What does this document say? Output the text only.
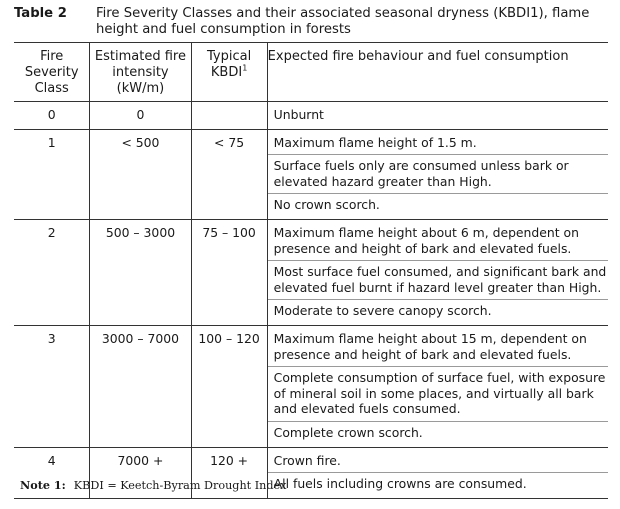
Table 2 Fire Severity Classes and their associated seasonal dryness (KBDI1), flame height and fuel consumption in forests
Fire Severity Class	Estimated fire intensity (kW/m)	Typical KBDI$^1$	Expected fire behaviour and fuel consumption
0	0		Unburnt

1	< 500	< 75	Maximum flame height of 1.5 m.
Surface fuels only are consumed unless bark or elevated hazard greater than High.
No crown scorch.

2	500 – 3000	75 – 100	Maximum flame height about 6 m, dependent on presence and height of bark and elevated fuels.
Most surface fuel consumed, and significant bark and elevated fuel burnt if hazard level greater than High.
Moderate to severe canopy scorch.

3	3000 – 7000	100 – 120	Maximum flame height about 15 m, dependent on presence and height of bark and elevated fuels.
Complete consumption of surface fuel, with exposure of mineral soil in some places, and virtually all bark and elevated fuels consumed.
Complete crown scorch.

4	7000 +	120 +	Crown fire.
All fuels including crowns are consumed.
Note 1: KBDI = Keetch-Byram Drought Index
